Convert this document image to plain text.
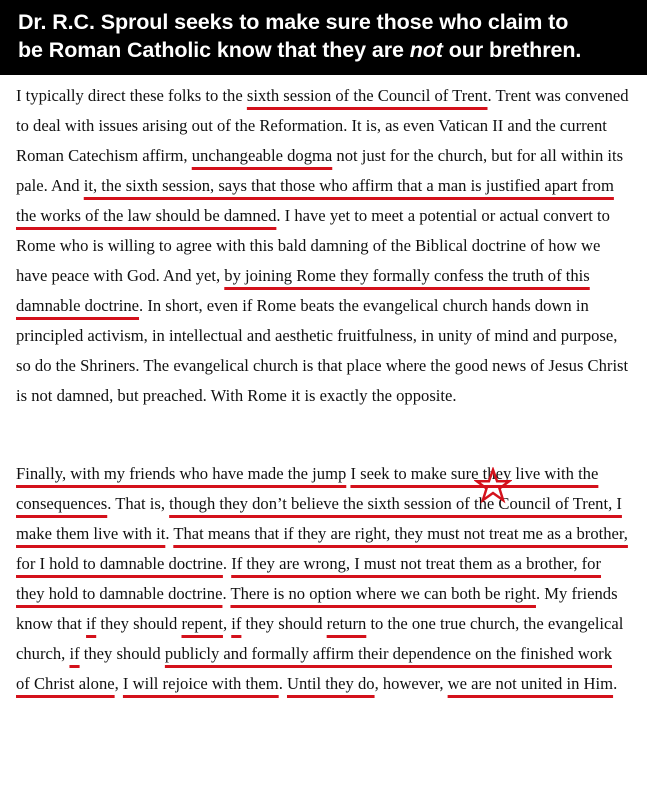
Dr. R.C. Sproul seeks to make sure those who claim to
be Roman Catholic know that they are not our brethren.

I typically direct these folks to the sixth session of the Council of Trent. Trent was convened to deal with issues arising out of the Reformation. It is, as even Vatican II and the current Roman Catechism affirm, unchangeable dogma not just for the church, but for all within its pale. And it, the sixth session, says that those who affirm that a man is justified apart from the works of the law should be damned. I have yet to meet a potential or actual convert to Rome who is willing to agree with this bald damning of the Biblical doctrine of how we have peace with God. And yet, by joining Rome they formally confess the truth of this damnable doctrine. In short, even if Rome beats the evangelical church hands down in principled activism, in intellectual and aesthetic fruitfulness, in unity of mind and purpose, so do the Shriners. The evangelical church is that place where the good news of Jesus Christ is not damned, but preached. With Rome it is exactly the opposite.

Finally, with my friends who have made the jump I seek to make sure they live with the consequences. That is, though they don’t believe the sixth session of the Council of Trent, I make them live with it. That means that if they are right, they must not treat me as a brother, for I hold to damnable doctrine. If they are wrong, I must not treat them as a brother, for they hold to damnable doctrine. There is no option where we can both be right. My friends know that if they should repent, if they should return to the one true church, the evangelical church, if they should publicly and formally affirm their dependence on the finished work of Christ alone, I will rejoice with them. Until they do, however, we are not united in Him.
